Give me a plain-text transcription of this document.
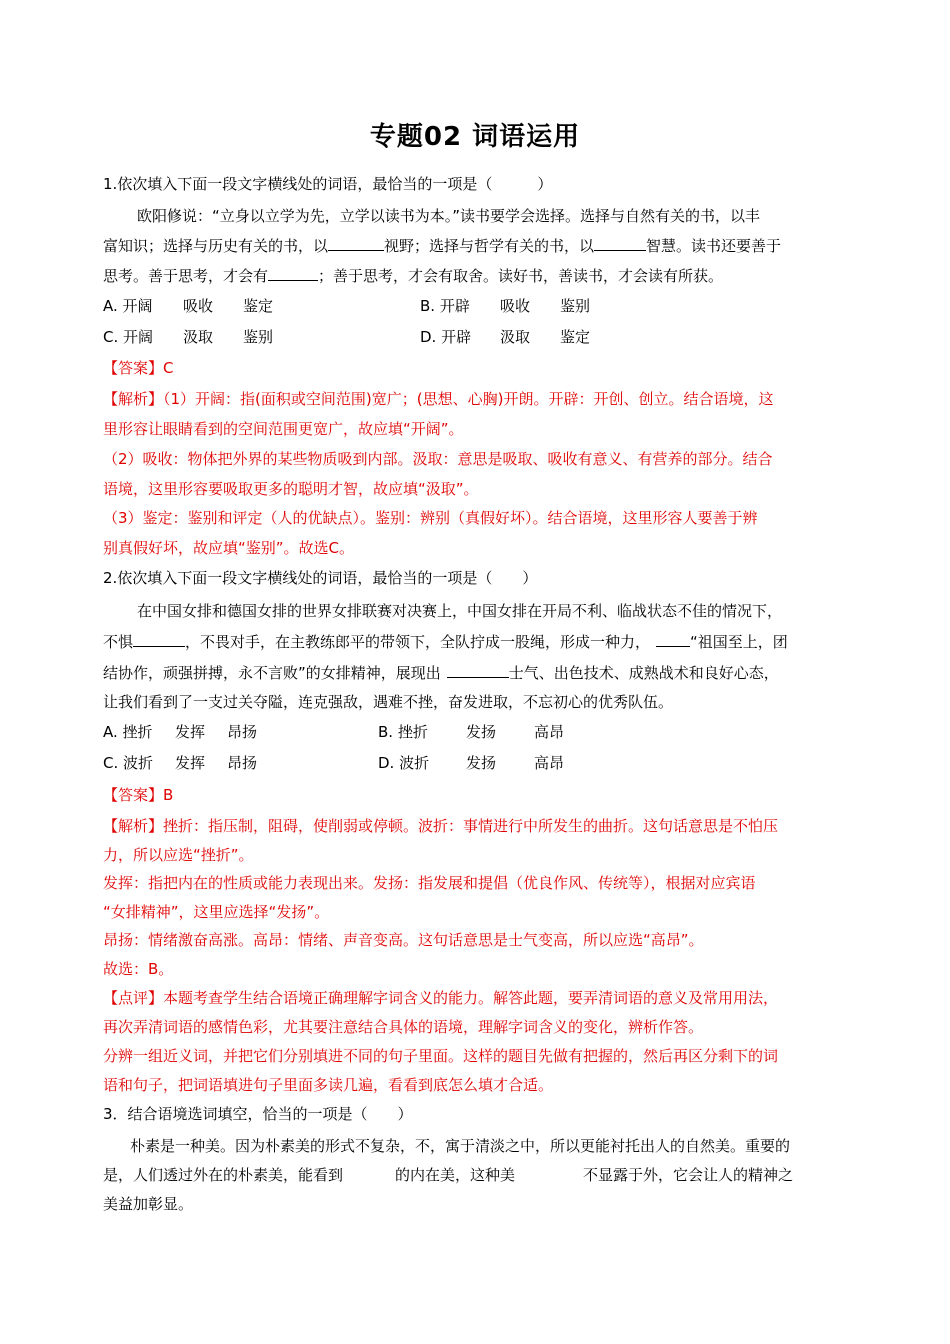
专题02 词语运用
1.依次填入下面一段文字横线处的词语，最恰当的一项是（　　　）
欧阳修说：“立身以立学为先，立学以读书为本。”读书要学会选择。选择与自然有关的书，以丰
富知识；选择与历史有关的书，以	视野；选择与哲学有关的书，以	智慧。读书还要善于
思考。善于思考，才会有	；善于思考，才会有取舍。读好书，善读书，才会读有所获。
A. 开阔 吸收 鉴定	B. 开辟 吸收 鉴别
C. 开阔 汲取 鉴别	D. 开辟 汲取 鉴定
【答案】C
【解析】（1）开阔：指(面积或空间范围)宽广；(思想、心胸)开朗。开辟：开创、创立。结合语境，这
里形容让眼睛看到的空间范围更宽广，故应填“开阔”。
（2）吸收：物体把外界的某些物质吸到内部。汲取：意思是吸取、吸收有意义、有营养的部分。结合
语境，这里形容要吸取更多的聪明才智，故应填“汲取”。
（3）鉴定：鉴别和评定（人的优缺点）。鉴别：辨别（真假好坏）。结合语境，这里形容人要善于辨
别真假好坏，故应填“鉴别”。故选C。
2.依次填入下面一段文字横线处的词语，最恰当的一项是（　　）
在中国女排和德国女排的世界女排联赛对决赛上，中国女排在开局不利、临战状态不佳的情况下，
不惧	，不畏对手，在主教练郎平的带领下，全队拧成一股绳，形成一种力，	“祖国至上，团
结协作，顽强拼搏，永不言败”的女排精神，展现出	士气、出色技术、成熟战术和良好心态，
让我们看到了一支过关夺隘，连克强敌，遇难不挫，奋发进取，不忘初心的优秀队伍。
A. 挫折 发挥 昂扬	B. 挫折	发扬	高昂
C. 波折 发挥 昂扬	D. 波折 发扬	高昂
【答案】B
【解析】挫折：指压制，阻碍，使削弱或停顿。波折：事情进行中所发生的曲折。这句话意思是不怕压
力，所以应选“挫折”。
发挥：指把内在的性质或能力表现出来。发扬：指发展和提倡（优良作风、传统等），根据对应宾语
“女排精神”，这里应选择“发扬”。
昂扬：情绪激奋高涨。高昂：情绪、声音变高。这句话意思是士气变高，所以应选“高昂”。
故选：B。
【点评】本题考查学生结合语境正确理解字词含义的能力。解答此题，要弄清词语的意义及常用用法，
再次弄清词语的感情色彩，尤其要注意结合具体的语境，理解字词含义的变化，辨析作答。
分辨一组近义词，并把它们分别填进不同的句子里面。这样的题目先做有把握的，然后再区分剩下的词
语和句子，把词语填进句子里面多读几遍，看看到底怎么填才合适。
3．结合语境选词填空，恰当的一项是（　　）
朴素是一种美。因为朴素美的形式不复杂，不，寓于清淡之中，所以更能衬托出人的自然美。重要的
是，人们透过外在的朴素美，能看到	的内在美，这种美	不显露于外，它会让人的精神之
美益加彰显。
